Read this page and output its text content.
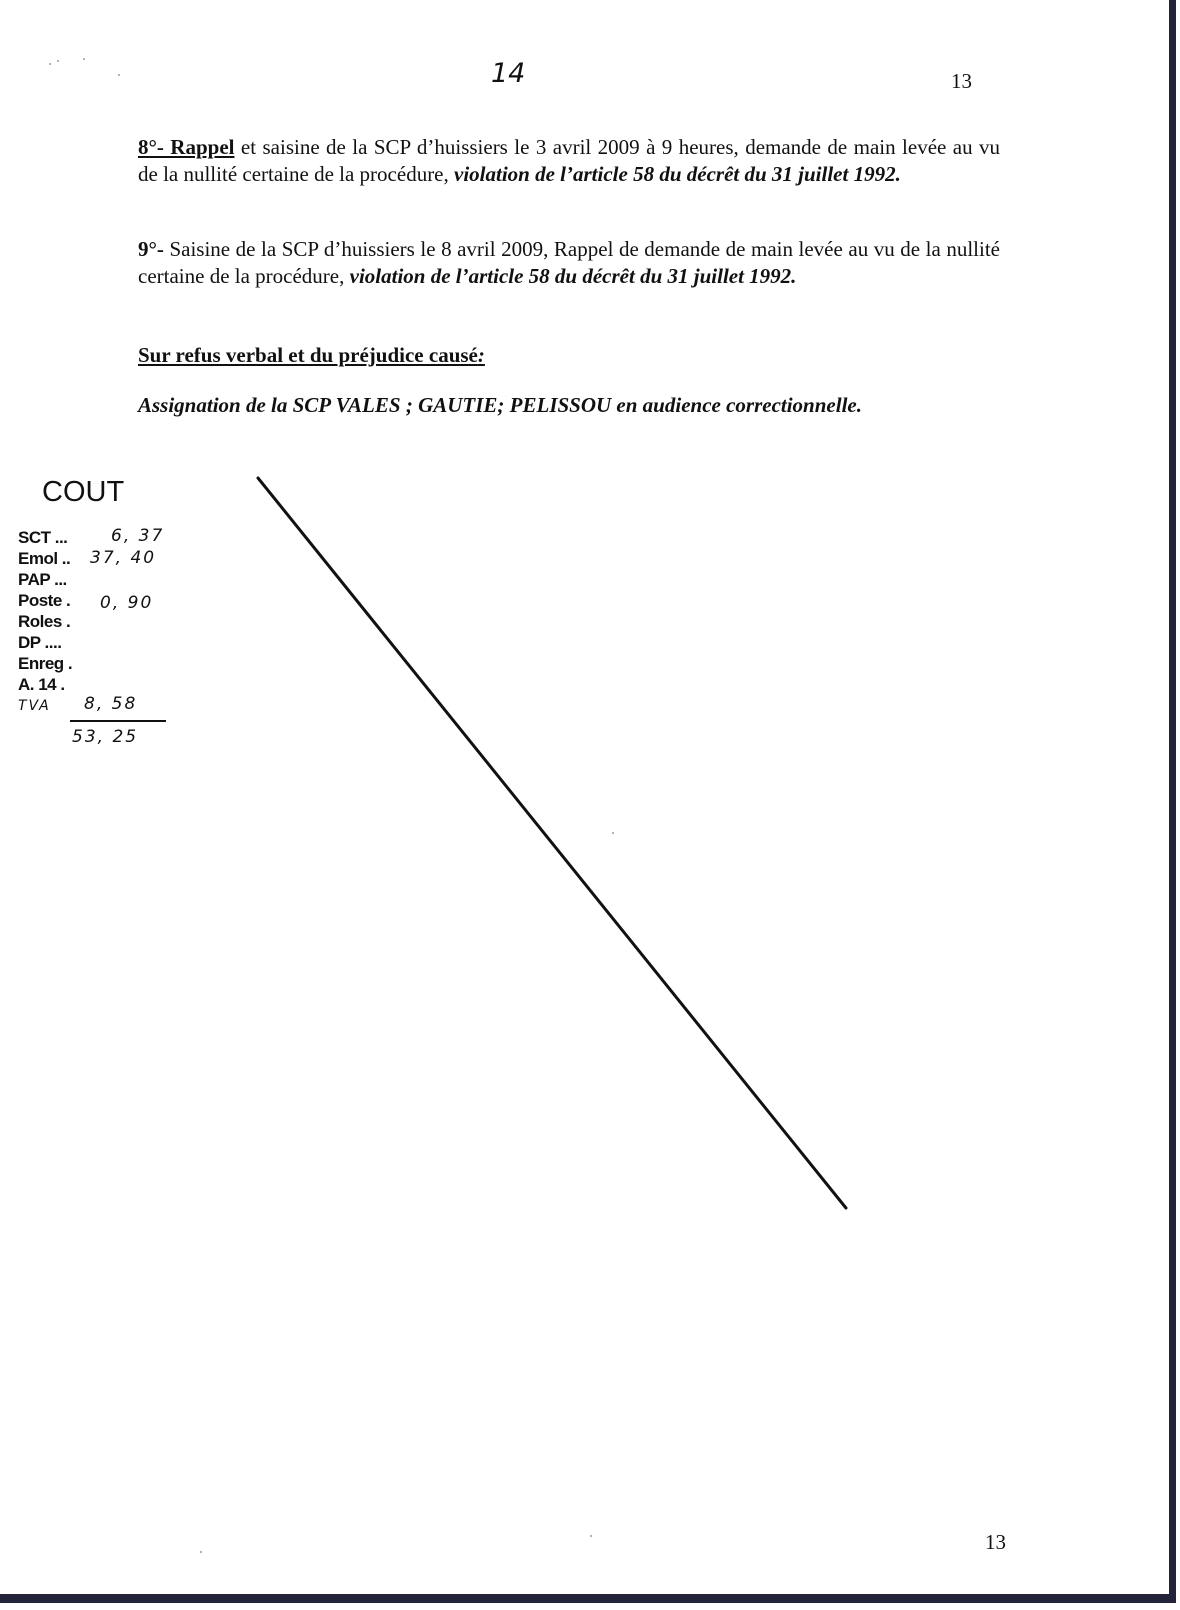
14	13
8°- Rappel et saisine de la SCP d’huissiers le 3 avril 2009 à 9 heures, demande de main levée au vu de la nullité certaine de la procédure, violation de l’article 58 du décrêt du 31 juillet 1992.
9°- Saisine de la SCP d’huissiers le 8 avril 2009, Rappel de demande de main levée au vu de la nullité certaine de la procédure, violation de l’article 58 du décrêt du 31 juillet 1992.
Sur refus verbal et du préjudice causé:
Assignation de la SCP VALES ; GAUTIE; PELISSOU en audience correctionnelle.
COUT
SCT ...	6, 37
Emol .. 37, 40
PAP ...
Poste . 0, 90
Roles .
DP ....
Enreg .
A. 14 .
TVA 8, 58
53, 25
13
